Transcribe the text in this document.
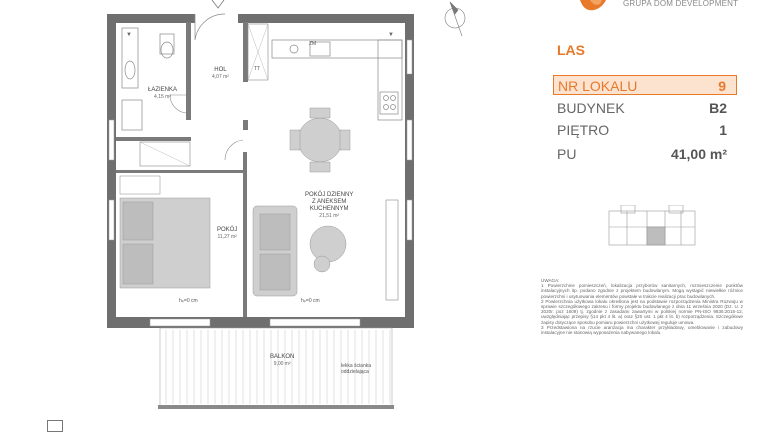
GRUPA DOM DEVELOPMENT
▼	▼
HOL
4,07 m²
ŁAZIENKA
4,15 m²
POKÓJ DZIENNY
Z ANEKSEM
KUCHENNYM
21,51 m²
POKÓJ
11,27 m²
BALKON
9,00 m²
ZM
TT
hₚ=0 cm	hₚ=0 cm
lekka ścianka
oddzielająca
LAS
NR LOKALU	9
BUDYNEK	B2
PIĘTRO	1
PU	41,00 m²

UWAGA:

1 Powierzchnie pomieszczeń, lokalizacja przyborów sanitarnych, rozmieszczenie punktów instalacyjnych itp. podano zgodnie z projektem budowlanym. Mogą wystąpić niewielkie różnice powierzchni i usytuowania elementów powstałe w trakcie realizacji prac budowlanych.

2 Powierzchnia użytkowa lokalu określona jest na podstawie rozporządzenia Ministra Rozwoju w sprawie szczegółowego zakresu i formy projektu budowlanego z dnia 11 września 2020 (Dz. U. z 2020r. poz 1609) tj. zgodnie z zasadami zawartymi w polskiej normie PN-ISO 9836:2015-12, uwzględniając przepisy §14 pkt 4 lit. a) oraz §20 ust. 1 pkt 4 lit. b) rozporządzenia. Szczegółowe zapisy dotyczące sposobu pomiaru powierzchni użytkowej reguluje umowa.

3 Przedstawiona na rzucie aranżacja ma charakter przykładowy, umeblowanie i zabudowy instalacyjne nie stanowią wyposażenia nabywanego lokalu.
